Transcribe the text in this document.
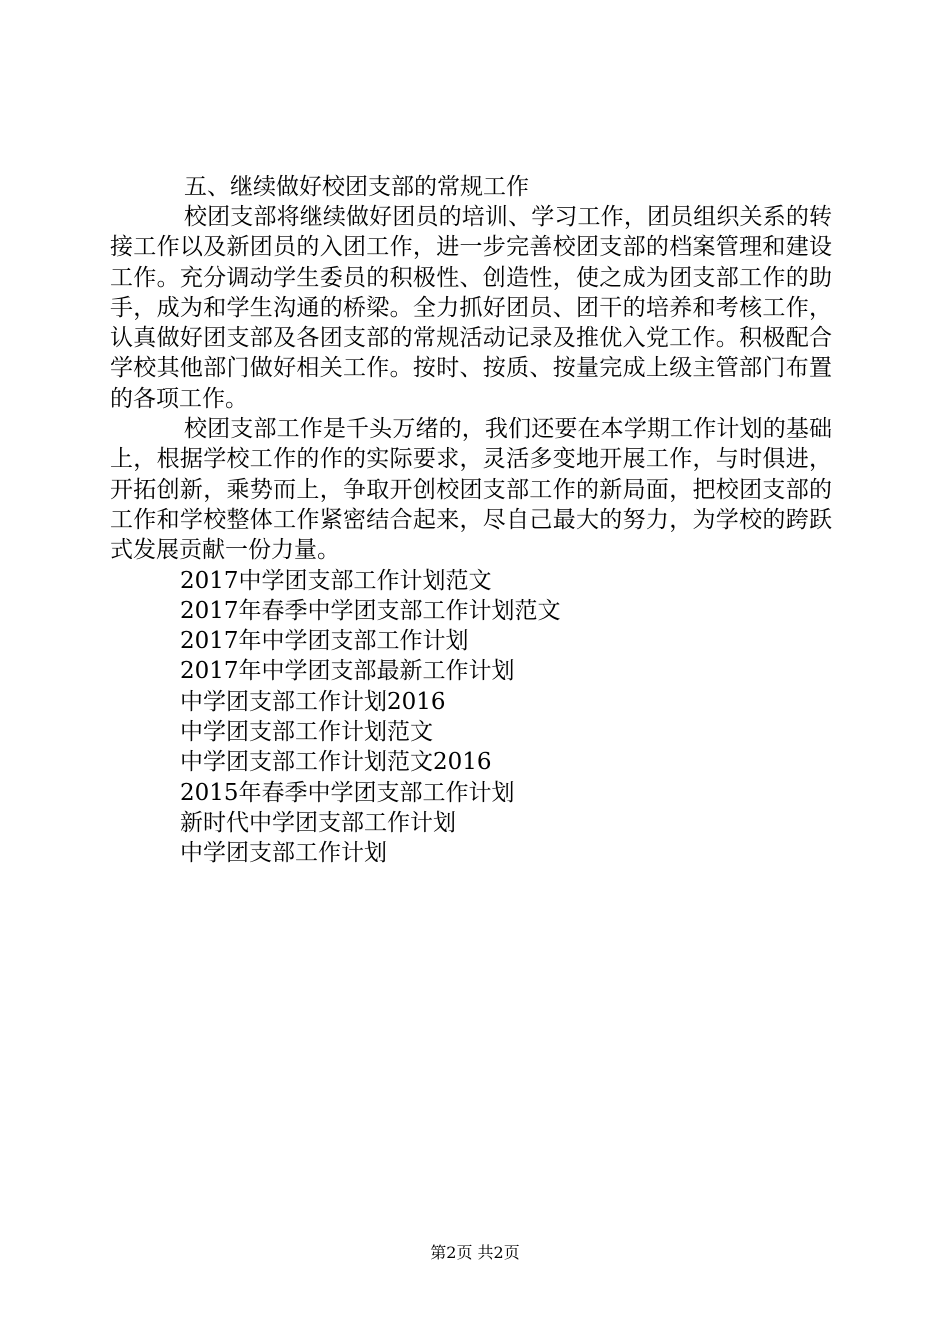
五、继续做好校团支部的常规工作

校团支部将继续做好团员的培训、学习工作，团员组织关系的转接工作以及新团员的入团工作，进一步完善校团支部的档案管理和建设工作。充分调动学生委员的积极性、创造性，使之成为团支部工作的助手，成为和学生沟通的桥梁。全力抓好团员、团干的培养和考核工作，认真做好团支部及各团支部的常规活动记录及推优入党工作。积极配合学校其他部门做好相关工作。按时、按质、按量完成上级主管部门布置的各项工作。

校团支部工作是千头万绪的，我们还要在本学期工作计划的基础上，根据学校工作的作的实际要求，灵活多变地开展工作，与时俱进，开拓创新，乘势而上，争取开创校团支部工作的新局面，把校团支部的工作和学校整体工作紧密结合起来，尽自己最大的努力，为学校的跨跃式发展贡献一份力量。

2017中学团支部工作计划范文
2017年春季中学团支部工作计划范文
2017年中学团支部工作计划
2017年中学团支部最新工作计划
中学团支部工作计划2016
中学团支部工作计划范文
中学团支部工作计划范文2016
2015年春季中学团支部工作计划
新时代中学团支部工作计划
中学团支部工作计划
第2页 共2页
